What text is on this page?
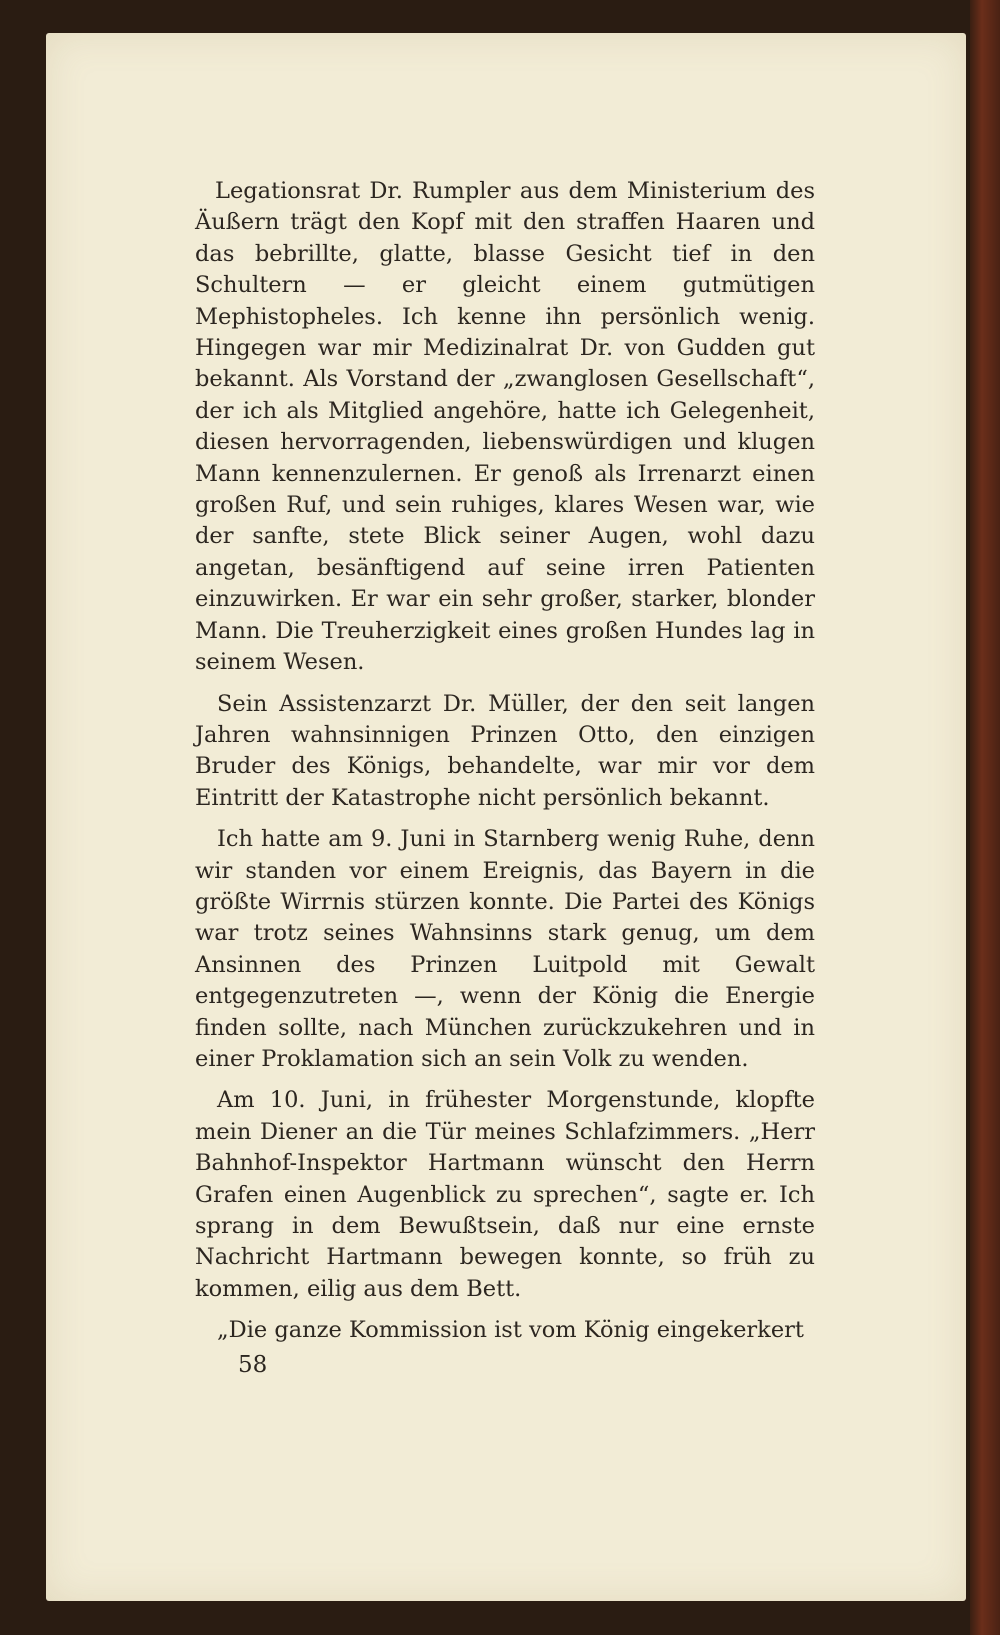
Legationsrat Dr. Rumpler aus dem Ministerium des Äußern trägt den Kopf mit den straffen Haaren und das bebrillte, glatte, blasse Gesicht tief in den Schultern — er gleicht einem gutmütigen Mephistopheles. Ich kenne ihn persönlich wenig. Hingegen war mir Medizinalrat Dr. von Gudden gut bekannt. Als Vorstand der „zwanglosen Gesellschaft“, der ich als Mitglied angehöre, hatte ich Gelegenheit, diesen hervorragenden, liebenswürdigen und klugen Mann kennenzulernen. Er genoß als Irrenarzt einen großen Ruf, und sein ruhiges, klares Wesen war, wie der sanfte, stete Blick seiner Augen, wohl dazu angetan, besänftigend auf seine irren Patienten einzuwirken. Er war ein sehr großer, starker, blonder Mann. Die Treuherzigkeit eines großen Hundes lag in seinem Wesen.

Sein Assistenzarzt Dr. Müller, der den seit langen Jahren wahnsinnigen Prinzen Otto, den einzigen Bruder des Königs, behandelte, war mir vor dem Eintritt der Katastrophe nicht persönlich bekannt.

Ich hatte am 9. Juni in Starnberg wenig Ruhe, denn wir standen vor einem Ereignis, das Bayern in die größte Wirrnis stürzen konnte. Die Partei des Königs war trotz seines Wahnsinns stark genug, um dem Ansinnen des Prinzen Luitpold mit Gewalt entgegenzutreten —, wenn der König die Energie finden sollte, nach München zurückzukehren und in einer Proklamation sich an sein Volk zu wenden.

Am 10. Juni, in frühester Morgenstunde, klopfte mein Diener an die Tür meines Schlafzimmers. „Herr Bahnhof-Inspektor Hartmann wünscht den Herrn Grafen einen Augenblick zu sprechen“, sagte er. Ich sprang in dem Bewußtsein, daß nur eine ernste Nachricht Hartmann bewegen konnte, so früh zu kommen, eilig aus dem Bett.

„Die ganze Kommission ist vom König eingekerkert

58
